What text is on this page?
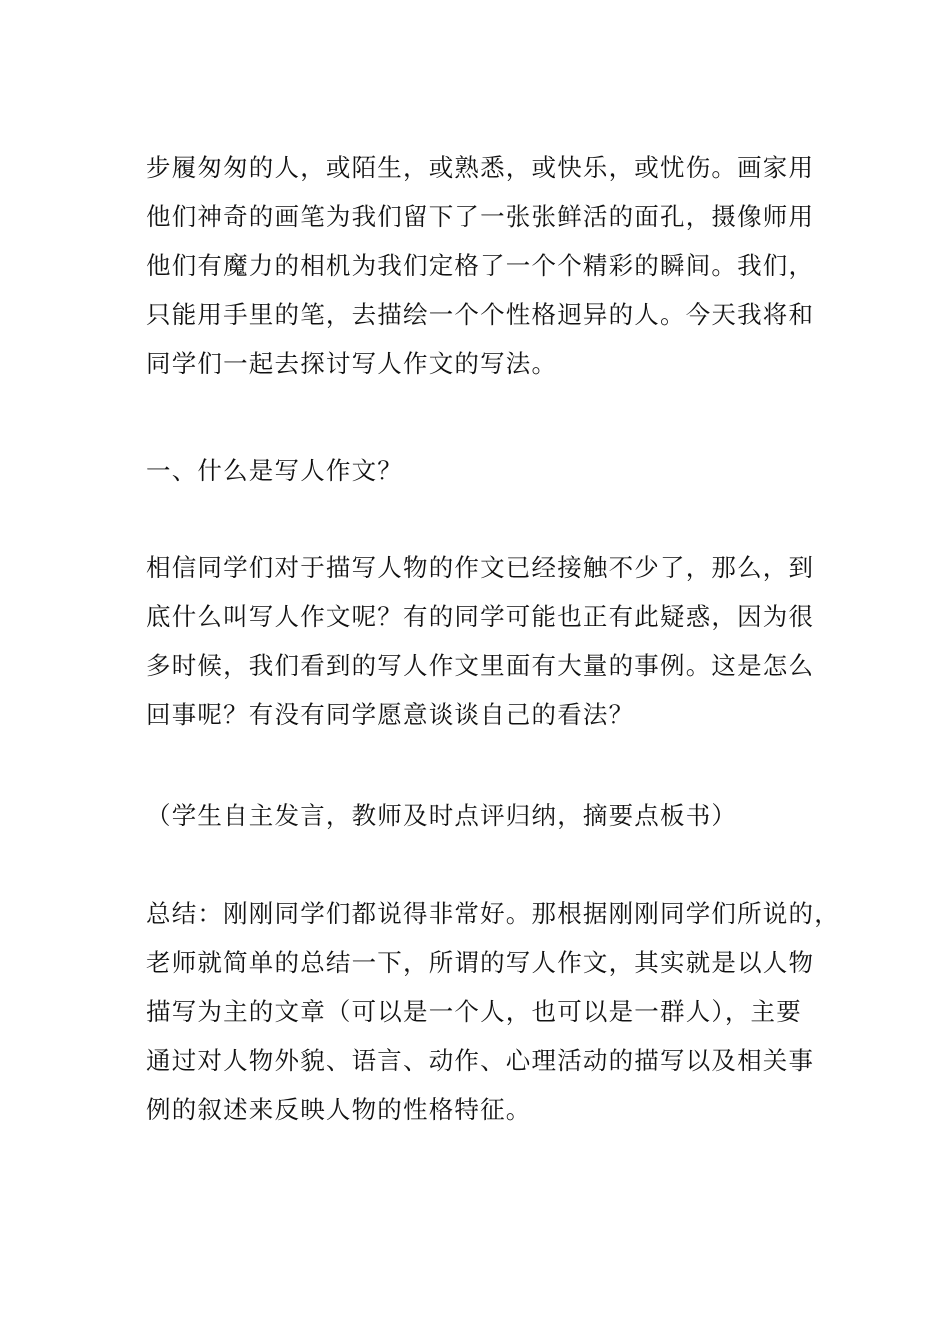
步履匆匆的人，或陌生，或熟悉，或快乐，或忧伤。画家用
他们神奇的画笔为我们留下了一张张鲜活的面孔，摄像师用
他们有魔力的相机为我们定格了一个个精彩的瞬间。我们，
只能用手里的笔，去描绘一个个性格迥异的人。今天我将和
同学们一起去探讨写人作文的写法。
一、什么是写人作文？
相信同学们对于描写人物的作文已经接触不少了，那么，到
底什么叫写人作文呢？有的同学可能也正有此疑惑，因为很
多时候，我们看到的写人作文里面有大量的事例。这是怎么
回事呢？有没有同学愿意谈谈自己的看法？
（学生自主发言，教师及时点评归纳，摘要点板书）
总结：刚刚同学们都说得非常好。那根据刚刚同学们所说的，
老师就简单的总结一下，所谓的写人作文，其实就是以人物
描写为主的文章（可以是一个人，也可以是一群人），主要
通过对人物外貌、语言、动作、心理活动的描写以及相关事
例的叙述来反映人物的性格特征。
